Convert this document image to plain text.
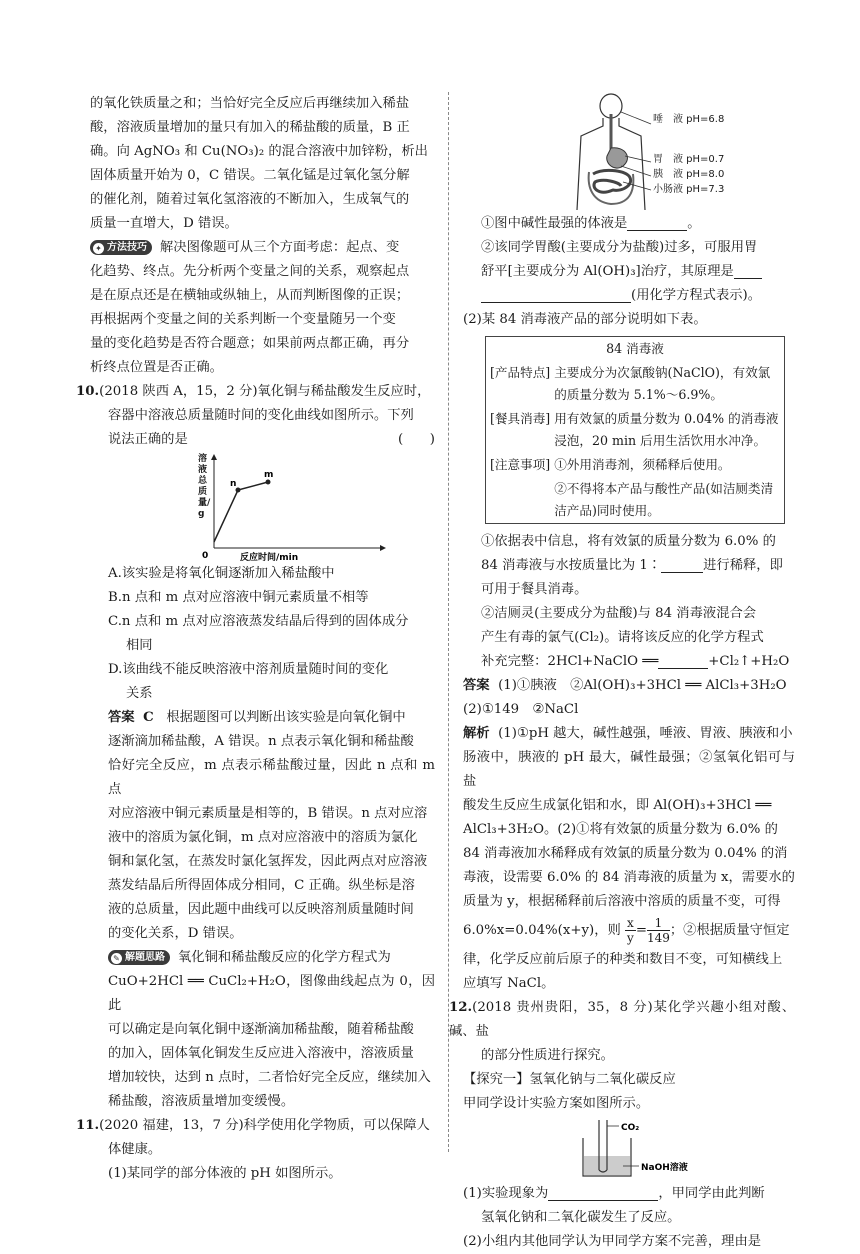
的氧化铁质量之和；当恰好完全反应后再继续加入稀盐

酸，溶液质量增加的量只有加入的稀盐酸的质量，B 正

确。向 AgNO₃ 和 Cu(NO₃)₂ 的混合溶液中加锌粉，析出

固体质量开始为 0，C 错误。二氧化锰是过氧化氢分解

的催化剂，随着过氧化氢溶液的不断加入，生成氧气的

质量一直增大，D 错误。

✦ 方法技巧 解决图像题可从三个方面考虑：起点、变

化趋势、终点。先分析两个变量之间的关系，观察起点

是在原点还是在横轴或纵轴上，从而判断图像的正误；

再根据两个变量之间的关系判断一个变量随另一个变

量的变化趋势是否符合题意；如果前两点都正确，再分

析终点位置是否正确。

10.(2018 陕西 A，15，2 分)氧化铜与稀盐酸发生反应时，

容器中溶液总质量随时间的变化曲线如图所示。下列

说法正确的是	(　　)

n
m
0	反应时间/min
溶液总质量/g

A.该实验是将氧化铜逐渐加入稀盐酸中

B.n 点和 m 点对应溶液中铜元素质量不相等

C.n 点和 m 点对应溶液蒸发结晶后得到的固体成分

相同

D.该曲线不能反映溶液中溶剂质量随时间的变化

关系

答案 C 根据题图可以判断出该实验是向氧化铜中

逐渐滴加稀盐酸，A 错误。n 点表示氧化铜和稀盐酸

恰好完全反应，m 点表示稀盐酸过量，因此 n 点和 m 点

对应溶液中铜元素质量是相等的，B 错误。n 点对应溶

液中的溶质为氯化铜，m 点对应溶液中的溶质为氯化

铜和氯化氢，在蒸发时氯化氢挥发，因此两点对应溶液

蒸发结晶后所得固体成分相同，C 正确。纵坐标是溶

液的总质量，因此题中曲线可以反映溶剂质量随时间

的变化关系，D 错误。

✎ 解题思路 氧化铜和稀盐酸反应的化学方程式为

CuO+2HCl ══ CuCl₂+H₂O，图像曲线起点为 0，因此

可以确定是向氧化铜中逐渐滴加稀盐酸，随着稀盐酸

的加入，固体氧化铜发生反应进入溶液中，溶液质量

增加较快，达到 n 点时，二者恰好完全反应，继续加入

稀盐酸，溶液质量增加变缓慢。

11.(2020 福建，13，7 分)科学使用化学物质，可以保障人

体健康。

(1)某同学的部分体液的 pH 如图所示。

唾　液 pH=6.8
胃　液 pH=0.7
胰　液 pH=8.0
小肠液 pH=7.3

①图中碱性最强的体液是	。

②该同学胃酸(主要成分为盐酸)过多，可服用胃

舒平[主要成分为 Al(OH)₃]治疗，其原理是

(用化学方程式表示)。

(2)某 84 消毒液产品的部分说明如下表。

84 消毒液	
[产品特点]	主要成分为次氯酸钠(NaClO)，有效氯的质量分数为 5.1%～6.9%。
[餐具消毒]	用有效氯的质量分数为 0.04% 的消毒液浸泡，20 min 后用生活饮用水冲净。
[注意事项]	①外用消毒剂，须稀释后使用。
	②不得将本产品与酸性产品(如洁厕类清洁产品)同时使用。

①依据表中信息，将有效氯的质量分数为 6.0% 的

84 消毒液与水按质量比为 1∶	进行稀释，即

可用于餐具消毒。

②洁厕灵(主要成分为盐酸)与 84 消毒液混合会

产生有毒的氯气(Cl₂)。请将该反应的化学方程式

补充完整：2HCl+NaClO ══	+Cl₂↑+H₂O

答案 (1)①胰液　②Al(OH)₃+3HCl ══ AlCl₃+3H₂O

(2)①149　②NaCl

解析 (1)①pH 越大，碱性越强，唾液、胃液、胰液和小

肠液中，胰液的 pH 最大，碱性最强；②氢氧化铝可与盐

酸发生反应生成氯化铝和水，即 Al(OH)₃+3HCl ══

AlCl₃+3H₂O。(2)①将有效氯的质量分数为 6.0% 的

84 消毒液加水稀释成有效氯的质量分数为 0.04% 的消

毒液，设需要 6.0% 的 84 消毒液的质量为 x，需要水的

质量为 y，根据稀释前后溶液中溶质的质量不变，可得

6.0%x=0.04%(x+y)，则 $\frac{x}{y} = \frac{1}{149}$ ；②根据质量守恒定

律，化学反应前后原子的种类和数目不变，可知横线上

应填写 NaCl。

12.(2018 贵州贵阳，35，8 分)某化学兴趣小组对酸、碱、盐

的部分性质进行探究。

【探究一】氢氧化钠与二氧化碳反应

甲同学设计实验方案如图所示。

CO₂
NaOH溶液

(1)实验现象为	，甲同学由此判断

氢氧化钠和二氧化碳发生了反应。

(2)小组内其他同学认为甲同学方案不完善，理由是
